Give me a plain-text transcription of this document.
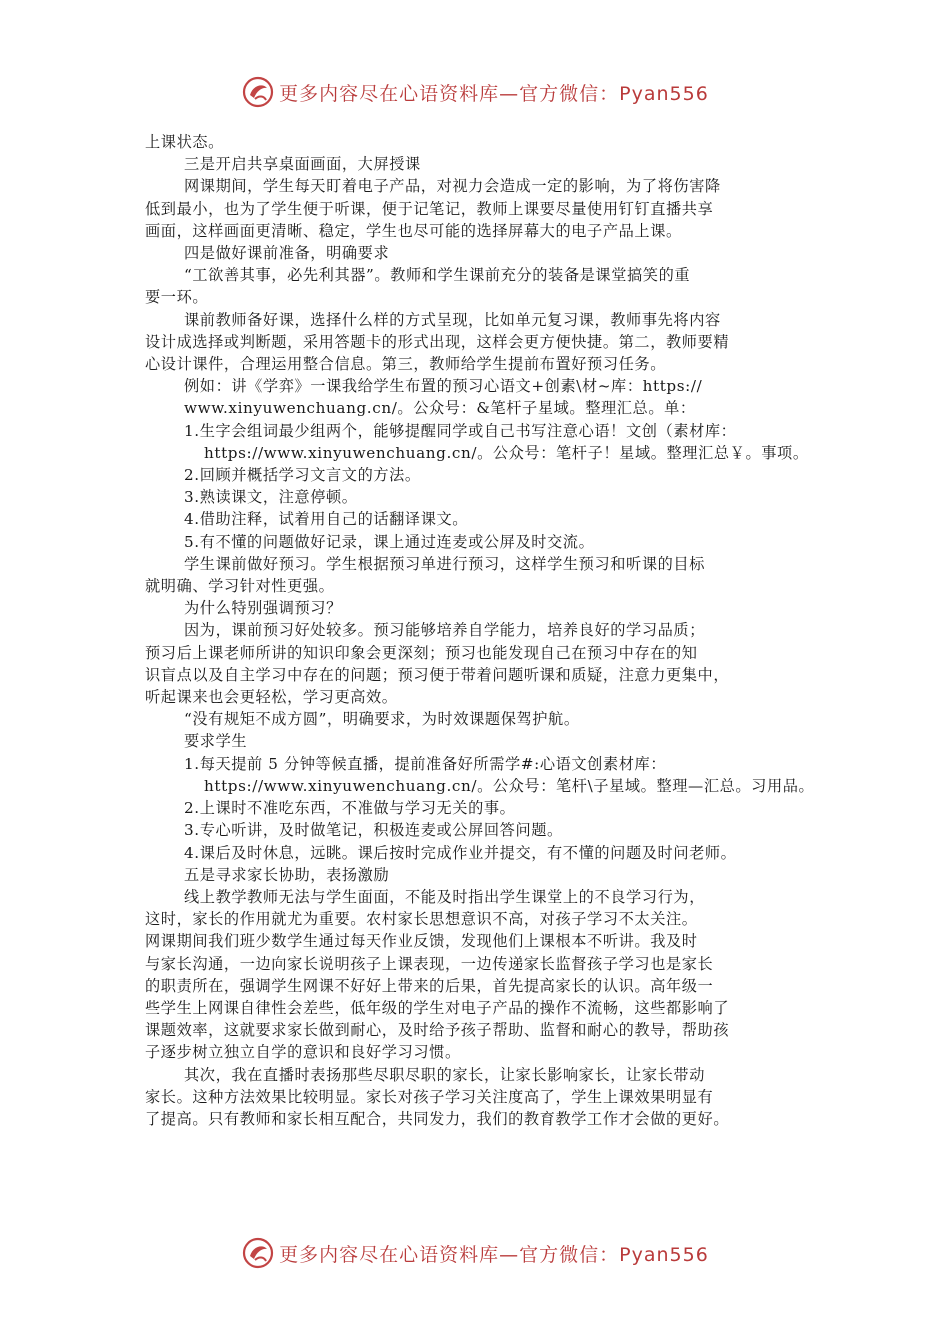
更多内容尽在心语资料库—官方微信：Pyan556

上课状态。

三是开启共享桌面画面，大屏授课

网课期间，学生每天盯着电子产品，对视力会造成一定的影响，为了将伤害降

低到最小，也为了学生便于听课，便于记笔记，教师上课要尽量使用钉钉直播共享

画面，这样画面更清晰、稳定，学生也尽可能的选择屏幕大的电子产品上课。

四是做好课前准备，明确要求

“工欲善其事，必先利其器”。教师和学生课前充分的装备是课堂搞笑的重

要一环。

课前教师备好课，选择什么样的方式呈现，比如单元复习课，教师事先将内容

设计成选择或判断题，采用答题卡的形式出现，这样会更方便快捷。第二，教师要精

心设计课件，合理运用整合信息。第三，教师给学生提前布置好预习任务。

例如：讲《学弈》一课我给学生布置的预习心语文+创素\材~库：https://

www.xinyuwenchuang.cn/。公众号：&笔杆子星域。整理汇总。单：

1.生字会组词最少组两个，能够提醒同学或自己书写注意心语！文创（素材库：

https://www.xinyuwenchuang.cn/。公众号：笔杆子！星域。整理汇总￥。事项。

2.回顾并概括学习文言文的方法。

3.熟读课文，注意停顿。

4.借助注释，试着用自己的话翻译课文。

5.有不懂的问题做好记录，课上通过连麦或公屏及时交流。

学生课前做好预习。学生根据预习单进行预习，这样学生预习和听课的目标

就明确、学习针对性更强。

为什么特别强调预习？

因为，课前预习好处较多。预习能够培养自学能力，培养良好的学习品质；

预习后上课老师所讲的知识印象会更深刻；预习也能发现自己在预习中存在的知

识盲点以及自主学习中存在的问题；预习便于带着问题听课和质疑，注意力更集中，

听起课来也会更轻松，学习更高效。

“没有规矩不成方圆”，明确要求，为时效课题保驾护航。

要求学生

1.每天提前 5 分钟等候直播，提前准备好所需学#:心语文创素材库：

https://www.xinyuwenchuang.cn/。公众号：笔杆\子星域。整理—汇总。习用品。

2.上课时不准吃东西，不准做与学习无关的事。

3.专心听讲，及时做笔记，积极连麦或公屏回答问题。

4.课后及时休息，远眺。课后按时完成作业并提交，有不懂的问题及时问老师。

五是寻求家长协助，表扬激励

线上教学教师无法与学生面面，不能及时指出学生课堂上的不良学习行为，

这时，家长的作用就尤为重要。农村家长思想意识不高，对孩子学习不太关注。

网课期间我们班少数学生通过每天作业反馈，发现他们上课根本不听讲。我及时

与家长沟通，一边向家长说明孩子上课表现，一边传递家长监督孩子学习也是家长

的职责所在，强调学生网课不好好上带来的后果，首先提高家长的认识。高年级一

些学生上网课自律性会差些，低年级的学生对电子产品的操作不流畅，这些都影响了

课题效率，这就要求家长做到耐心，及时给予孩子帮助、监督和耐心的教导，帮助孩

子逐步树立独立自学的意识和良好学习习惯。

其次，我在直播时表扬那些尽职尽职的家长，让家长影响家长，让家长带动

家长。这种方法效果比较明显。家长对孩子学习关注度高了，学生上课效果明显有

了提高。只有教师和家长相互配合，共同发力，我们的教育教学工作才会做的更好。

更多内容尽在心语资料库—官方微信：Pyan556
